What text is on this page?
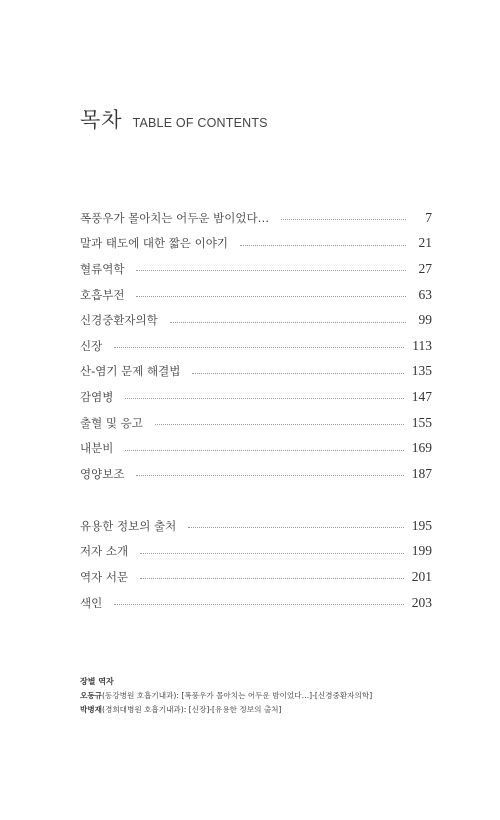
목차 TABLE OF CONTENTS
폭풍우가 몰아치는 어두운 밤이었다…	7
말과 태도에 대한 짧은 이야기	21
혈류역학	27
호흡부전	63
신경중환자의학	99
신장	113
산-염기 문제 해결법	135
감염병	147
출혈 및 응고	155
내분비	169
영양보조	187
유용한 정보의 출처	195
저자 소개	199
역자 서문	201
색인	203
장별 역자
오동규(동강병원 호흡기내과): [폭풍우가 몰아치는 어두운 밤이었다…]-[신경중환자의학]
박병재(경희대병원 호흡기내과): [신장]-[유용한 정보의 출처]
